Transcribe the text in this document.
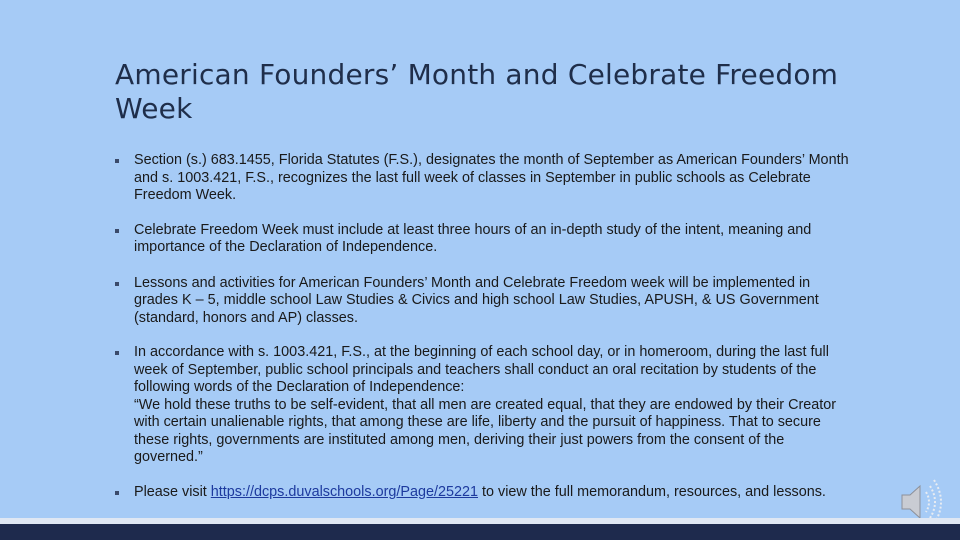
American Founders’ Month and Celebrate Freedom Week
Section (s.) 683.1455, Florida Statutes (F.S.), designates the month of September as American Founders’ Month and s. 1003.421, F.S., recognizes the last full week of classes in September in public schools as Celebrate Freedom Week.
Celebrate Freedom Week must include at least three hours of an in-depth study of the intent, meaning and importance of the Declaration of Independence.
Lessons and activities for American Founders’ Month and Celebrate Freedom week will be implemented in grades K – 5, middle school Law Studies & Civics and high school Law Studies, APUSH, & US Government (standard, honors and AP) classes.
In accordance with s. 1003.421, F.S., at the beginning of each school day, or in homeroom, during the last full week of September, public school principals and teachers shall conduct an oral recitation by students of the following words of the Declaration of Independence:
“We hold these truths to be self-evident, that all men are created equal, that they are endowed by their Creator with certain unalienable rights, that among these are life, liberty and the pursuit of happiness. That to secure these rights, governments are instituted among men, deriving their just powers from the consent of the governed.”
Please visit https://dcps.duvalschools.org/Page/25221 to view the full memorandum, resources, and lessons.
